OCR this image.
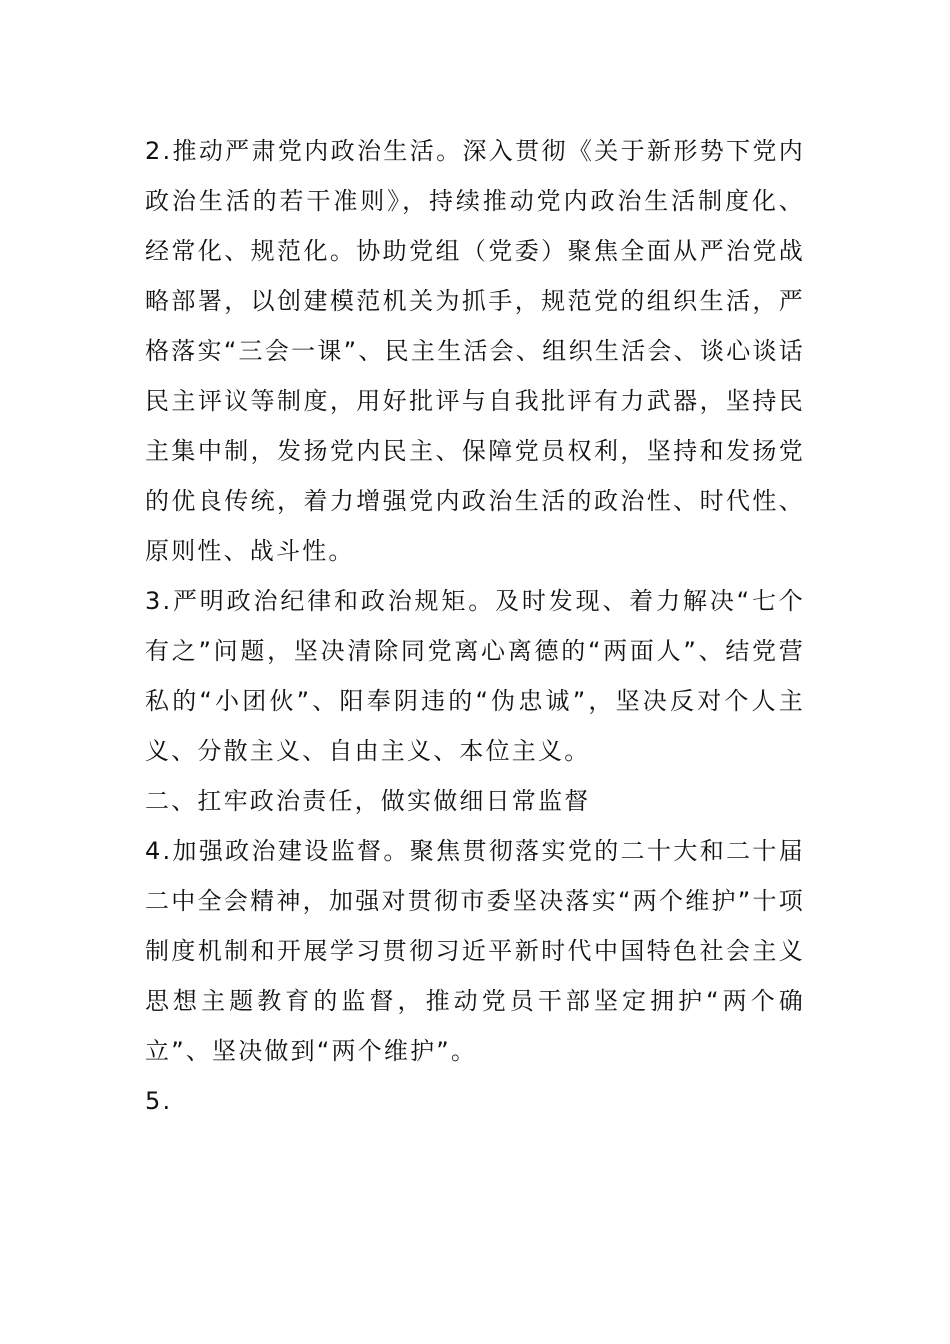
2.推动严肃党内政治生活。深入贯彻《关于新形势下党内政治生活的若干准则》，持续推动党内政治生活制度化、经常化、规范化。协助党组（党委）聚焦全面从严治党战略部署，以创建模范机关为抓手，规范党的组织生活，严格落实“三会一课”、民主生活会、组织生活会、谈心谈话民主评议等制度，用好批评与自我批评有力武器，坚持民主集中制，发扬党内民主、保障党员权利，坚持和发扬党的优良传统，着力增强党内政治生活的政治性、时代性、原则性、战斗性。

3.严明政治纪律和政治规矩。及时发现、着力解决“七个有之”问题，坚决清除同党离心离德的“两面人”、结党营私的“小团伙”、阳奉阴违的“伪忠诚”，坚决反对个人主义、分散主义、自由主义、本位主义。

二、扛牢政治责任，做实做细日常监督

4.加强政治建设监督。聚焦贯彻落实党的二十大和二十届二中全会精神，加强对贯彻市委坚决落实“两个维护”十项制度机制和开展学习贯彻习近平新时代中国特色社会主义思想主题教育的监督，推动党员干部坚定拥护“两个确立”、坚决做到“两个维护”。

5.
